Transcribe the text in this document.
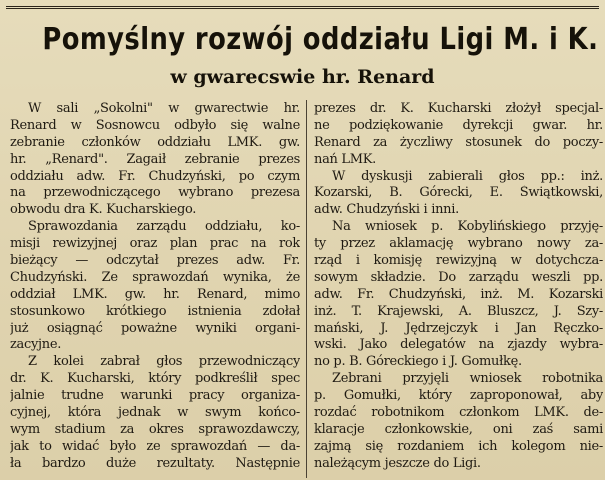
Pomyślny rozwój oddziału Ligi M. i K.
w gwarecswie hr. Renard
W sali „Sokolni" w gwarectwie hr.
Renard w Sosnowcu odbyło się walne
zebranie członków oddziału LMK. gw.
hr. „Renard". Zagaił zebranie prezes
oddziału adw. Fr. Chudzyński, po czym
na przewodniczącego wybrano prezesa
obwodu dra K. Kucharskiego.
Sprawozdania zarządu oddziału, ko-
misji rewizyjnej oraz plan prac na rok
bieżący — odczytał prezes adw. Fr.
Chudzyński. Ze sprawozdań wynika, że
oddział LMK. gw. hr. Renard, mimo
stosunkowo krótkiego istnienia zdołał
już osiągnąć poważne wyniki organi-
zacyjne.
Z kolei zabrał głos przewodniczący
dr. K. Kucharski, który podkreślił spec
jalnie trudne warunki pracy organiza-
cyjnej, która jednak w swym końco-
wym stadium za okres sprawozdawczy,
jak to widać było ze sprawozdań — da-
ła bardzo duże rezultaty. Następnie
prezes dr. K. Kucharski złożył specjal-
ne podziękowanie dyrekcji gwar. hr.
Renard za życzliwy stosunek do poczy-
nań LMK.
W dyskusji zabierali głos pp.: inż.
Kozarski, B. Górecki, E. Świątkowski,
adw. Chudzyński i inni.
Na wniosek p. Kobylińskiego przyję-
ty przez aklamację wybrano nowy za-
rząd i komisję rewizyjną w dotychcza-
sowym składzie. Do zarządu weszli pp.
adw. Fr. Chudzyński, inż. M. Kozarski
inż. T. Krajewski, A. Bluszcz, J. Szy-
mański, J. Jędrzejczyk i Jan Ręczko-
wski. Jako delegatów na zjazdy wybra-
no p. B. Góreckiego i J. Gomułkę.
Zebrani przyjęli wniosek robotnika
p. Gomułki, który zaproponował, aby
rozdać robotnikom członkom LMK. de-
klaracje członkowskie, oni zaś sami
zajmą się rozdaniem ich kolegom nie-
należącym jeszcze do Ligi.
